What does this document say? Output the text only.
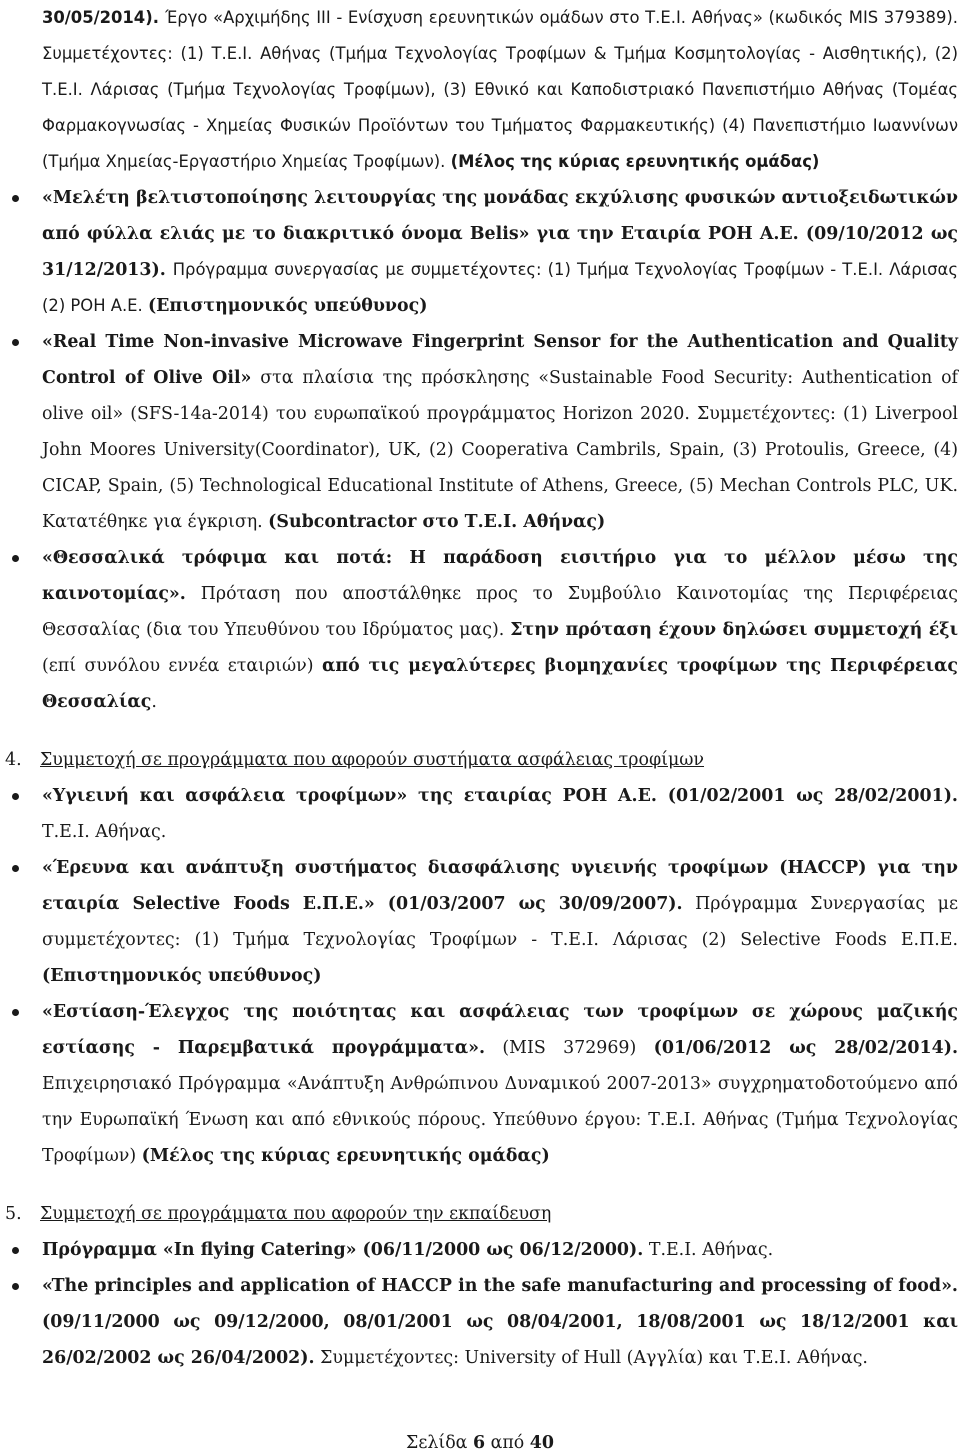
30/05/2014). Έργο «Αρχιμήδης ΙΙΙ - Ενίσχυση ερευνητικών ομάδων στο Τ.Ε.Ι. Αθήνας» (κωδικός MIS 379389). Συμμετέχοντες: (1) Τ.Ε.Ι. Αθήνας (Τμήμα Τεχνολογίας Τροφίμων & Τμήμα Κοσμητολογίας - Αισθητικής), (2) Τ.Ε.Ι. Λάρισας (Τμήμα Τεχνολογίας Τροφίμων), (3) Εθνικό και Καποδιστριακό Πανεπιστήμιο Αθήνας (Τομέας Φαρμακογνωσίας - Χημείας Φυσικών Προϊόντων του Τμήματος Φαρμακευτικής) (4) Πανεπιστήμιο Ιωαννίνων (Τμήμα Χημείας-Εργαστήριο Χημείας Τροφίμων). (Μέλος της κύριας ερευνητικής ομάδας)

«Μελέτη βελτιστοποίησης λειτουργίας της μονάδας εκχύλισης φυσικών αντιοξειδωτικών από φύλλα ελιάς με το διακριτικό όνομα Belis» για την Εταιρία ΡΟΗ Α.Ε. (09/10/2012 ως 31/12/2013). Πρόγραμμα συνεργασίας με συμμετέχοντες: (1) Τμήμα Τεχνολογίας Τροφίμων - Τ.Ε.Ι. Λάρισας (2) ΡΟΗ Α.Ε. (Επιστημονικός υπεύθυνος)

«Real Time Non-invasive Microwave Fingerprint Sensor for the Authentication and Quality Control of Olive Oil» στα πλαίσια της πρόσκλησης «Sustainable Food Security: Authentication of olive oil» (SFS-14a-2014) του ευρωπαϊκού προγράμματος Horizon 2020. Συμμετέχοντες: (1) Liverpool John Moores University(Coordinator), UK, (2) Cooperativa Cambrils, Spain, (3) Protoulis, Greece, (4) CICAP, Spain, (5) Technological Educational Institute of Athens, Greece, (5) Mechan Controls PLC, UK. Κατατέθηκε για έγκριση. (Subcontractor στο Τ.Ε.Ι. Αθήνας)

«Θεσσαλικά τρόφιμα και ποτά: Η παράδοση εισιτήριο για το μέλλον μέσω της καινοτομίας». Πρόταση που αποστάλθηκε προς το Συμβούλιο Καινοτομίας της Περιφέρειας Θεσσαλίας (δια του Υπευθύνου του Ιδρύματος μας). Στην πρόταση έχουν δηλώσει συμμετοχή έξι (επί συνόλου εννέα εταιριών) από τις μεγαλύτερες βιομηχανίες τροφίμων της Περιφέρειας Θεσσαλίας.

4. Συμμετοχή σε προγράμματα που αφορούν συστήματα ασφάλειας τροφίμων

«Υγιεινή και ασφάλεια τροφίμων» της εταιρίας ΡΟΗ Α.Ε. (01/02/2001 ως 28/02/2001). Τ.Ε.Ι. Αθήνας.

«Έρευνα και ανάπτυξη συστήματος διασφάλισης υγιεινής τροφίμων (HACCP) για την εταιρία Selective Foods Ε.Π.Ε.» (01/03/2007 ως 30/09/2007). Πρόγραμμα Συνεργασίας με συμμετέχοντες: (1) Τμήμα Τεχνολογίας Τροφίμων - Τ.Ε.Ι. Λάρισας (2) Selective Foods Ε.Π.Ε. (Επιστημονικός υπεύθυνος)

«Εστίαση-Έλεγχος της ποιότητας και ασφάλειας των τροφίμων σε χώρους μαζικής εστίασης - Παρεμβατικά προγράμματα». (MIS 372969) (01/06/2012 ως 28/02/2014). Επιχειρησιακό Πρόγραμμα «Ανάπτυξη Ανθρώπινου Δυναμικού 2007-2013» συγχρηματοδοτούμενο από την Ευρωπαϊκή Ένωση και από εθνικούς πόρους. Υπεύθυνο έργου: Τ.Ε.Ι. Αθήνας (Τμήμα Τεχνολογίας Τροφίμων) (Μέλος της κύριας ερευνητικής ομάδας)

5. Συμμετοχή σε προγράμματα που αφορούν την εκπαίδευση

Πρόγραμμα «In flying Catering» (06/11/2000 ως 06/12/2000). Τ.Ε.Ι. Αθήνας.

«The principles and application of HACCP in the safe manufacturing and processing of food». (09/11/2000 ως 09/12/2000, 08/01/2001 ως 08/04/2001, 18/08/2001 ως 18/12/2001 και 26/02/2002 ως 26/04/2002). Συμμετέχοντες: University of Hull (Αγγλία) και Τ.Ε.Ι. Αθήνας.

Σελίδα 6 από 40
